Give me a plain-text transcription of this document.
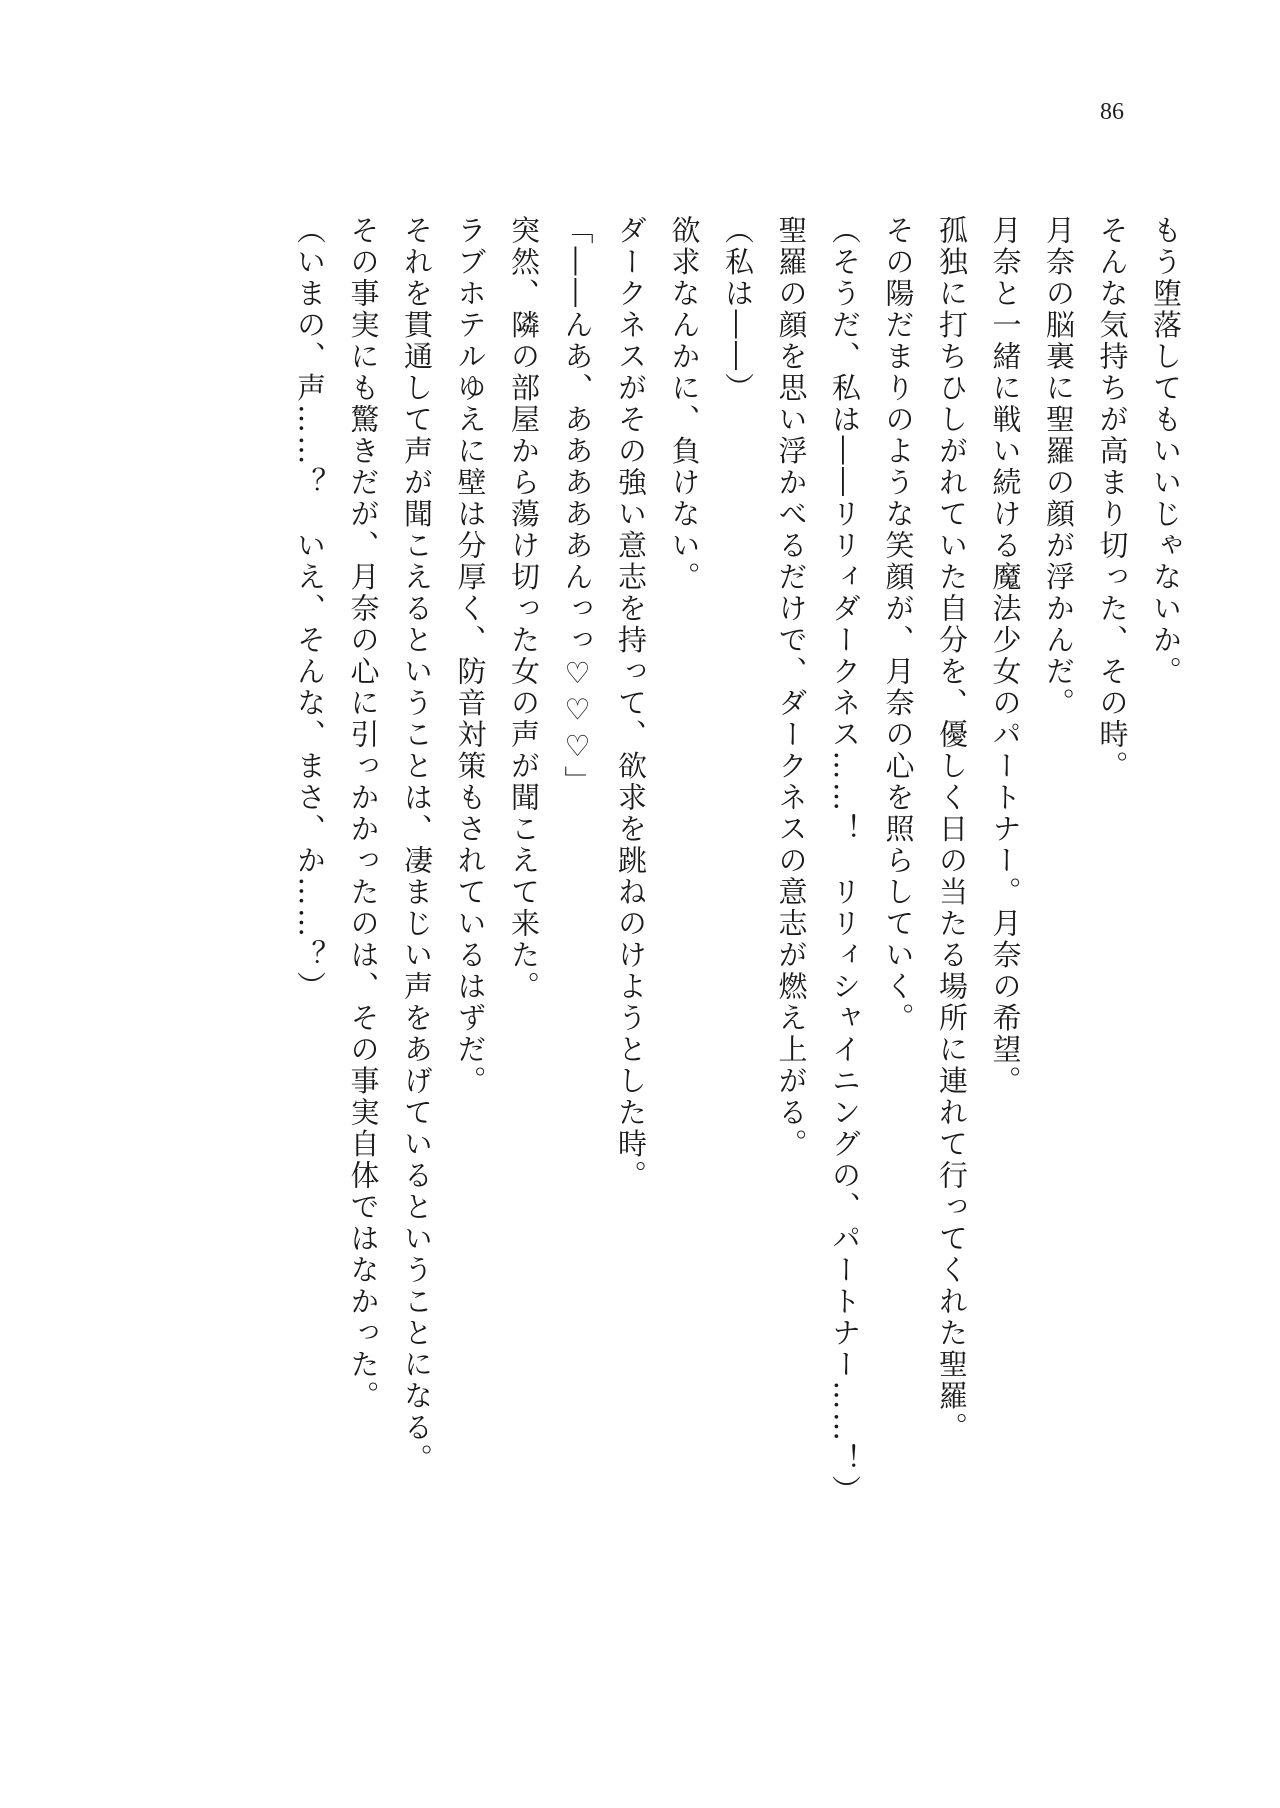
86

もう堕落してもいいじゃないか。

そんな気持ちが高まり切った、その時。

月奈の脳裏に聖羅の顔が浮かんだ。

月奈と一緒に戦い続ける魔法少女のパートナー。月奈の希望。

孤独に打ちひしがれていた自分を、優しく日の当たる場所に連れて行ってくれた聖羅。

その陽だまりのような笑顔が、月奈の心を照らしていく。

（そうだ、私は――リリィダークネス……！　リリィシャイニングの、パートナー……！）

聖羅の顔を思い浮かべるだけで、ダークネスの意志が燃え上がる。

（私は――）

欲求なんかに、負けない。

ダークネスがその強い意志を持って、欲求を跳ねのけようとした時。

「――んあ、あああああんっっ♡♡♡」

突然、隣の部屋から蕩け切った女の声が聞こえて来た。

ラブホテルゆえに壁は分厚く、防音対策もされているはずだ。

それを貫通して声が聞こえるということは、凄まじい声をあげているということになる。

その事実にも驚きだが、月奈の心に引っかかったのは、その事実自体ではなかった。

（いまの、声……？　いえ、そんな、まさ、か……？）
